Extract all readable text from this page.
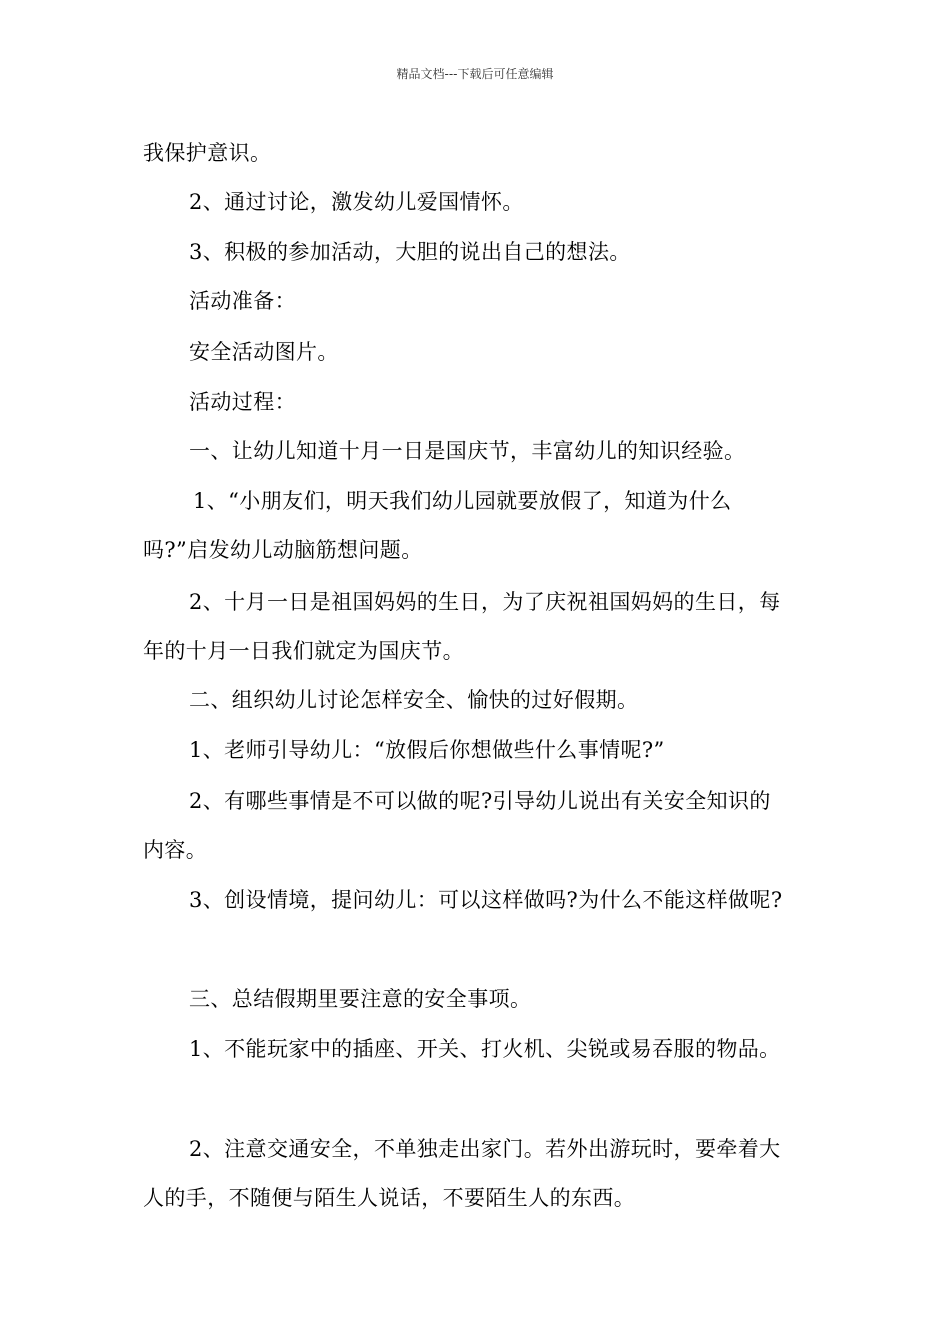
精品文档---下载后可任意编辑
我保护意识。
2、通过讨论，激发幼儿爱国情怀。
3、积极的参加活动，大胆的说出自己的想法。
活动准备：
安全活动图片。
活动过程：
一、让幼儿知道十月一日是国庆节，丰富幼儿的知识经验。
1、“小朋友们，明天我们幼儿园就要放假了，知道为什么
吗?”启发幼儿动脑筋想问题。
2、十月一日是祖国妈妈的生日，为了庆祝祖国妈妈的生日，每
年的十月一日我们就定为国庆节。
二、组织幼儿讨论怎样安全、愉快的过好假期。
1、老师引导幼儿：“放假后你想做些什么事情呢?”
2、有哪些事情是不可以做的呢?引导幼儿说出有关安全知识的
内容。
3、创设情境，提问幼儿：可以这样做吗?为什么不能这样做呢?
三、总结假期里要注意的安全事项。
1、不能玩家中的插座、开关、打火机、尖锐或易吞服的物品。
2、注意交通安全，不单独走出家门。若外出游玩时，要牵着大
人的手，不随便与陌生人说话，不要陌生人的东西。
